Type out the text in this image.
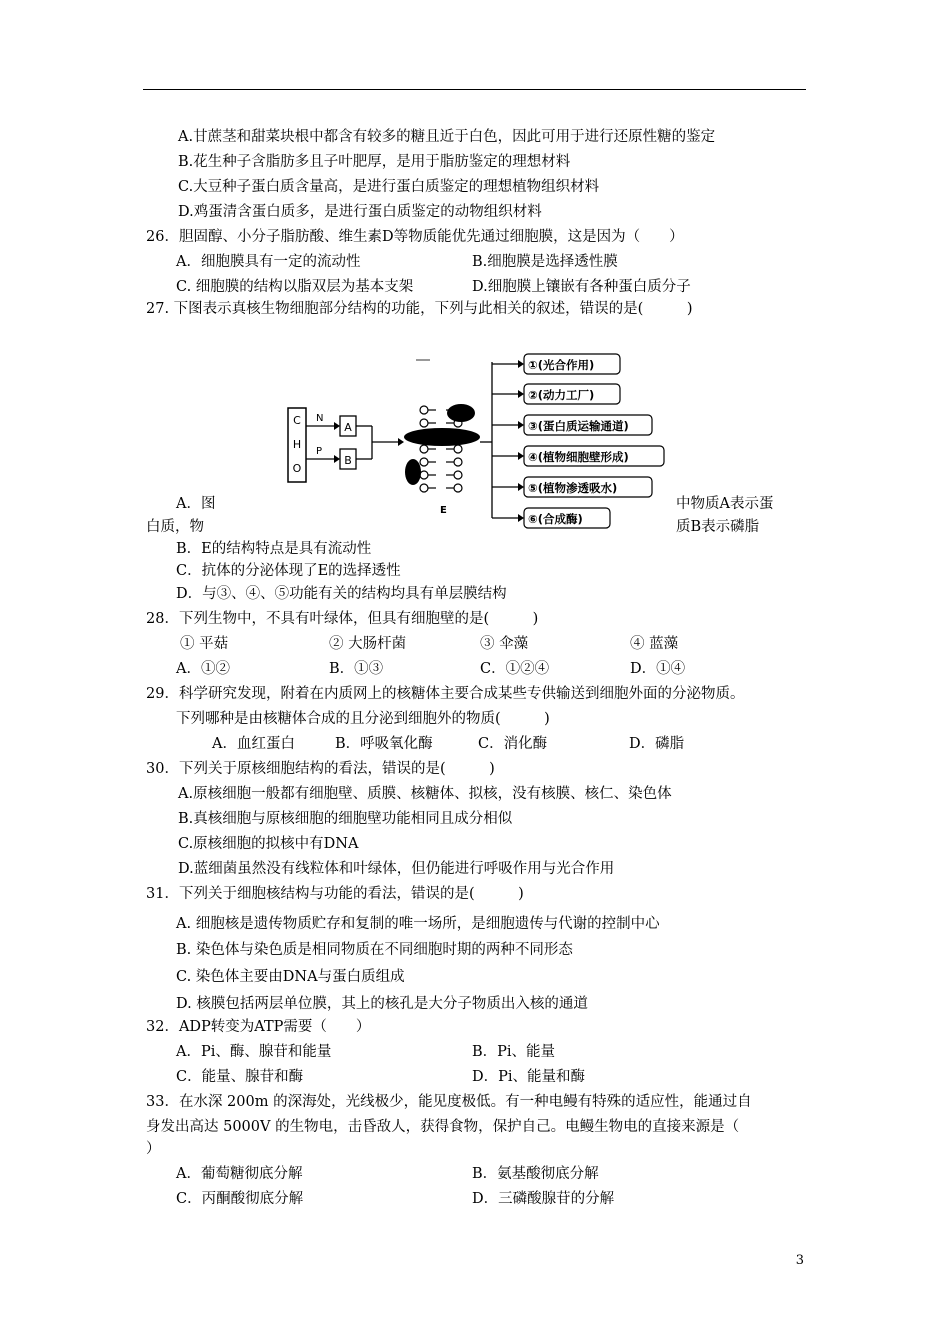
A.甘蔗茎和甜菜块根中都含有较多的糖且近于白色，因此可用于进行还原性糖的鉴定
B.花生种子含脂肪多且子叶肥厚，是用于脂肪鉴定的理想材料
C.大豆种子蛋白质含量高，是进行蛋白质鉴定的理想植物组织材料
D.鸡蛋清含蛋白质多，是进行蛋白质鉴定的动物组织材料
26．胆固醇、小分子脂肪酸、维生素D等物质能优先通过细胞膜，这是因为（　　）
A．细胞膜具有一定的流动性	B.细胞膜是选择透性膜
C. 细胞膜的结构以脂双层为基本支架	D.细胞膜上镶嵌有各种蛋白质分子
27. 下图表示真核生物细胞部分结构的功能，下列与此相关的叙述，错误的是(　　　)
A．图	中物质A表示蛋
白质，物	质B表示磷脂
B．E的结构特点是具有流动性
C．抗体的分泌体现了E的选择透性
D．与③、④、⑤功能有关的结构均具有单层膜结构
28．下列生物中，不具有叶绿体，但具有细胞壁的是(　　　)
① 平菇	② 大肠杆菌	③ 伞藻	④ 蓝藻
A．①②	B．①③	C．①②④	D．①④
29．科学研究发现，附着在内质网上的核糖体主要合成某些专供输送到细胞外面的分泌物质。
下列哪种是由核糖体合成的且分泌到细胞外的物质(　　　)
A．血红蛋白	B．呼吸氧化酶	C．消化酶	D．磷脂
30．下列关于原核细胞结构的看法，错误的是(　　　)
A.原核细胞一般都有细胞壁、质膜、核糖体、拟核，没有核膜、核仁、染色体
B.真核细胞与原核细胞的细胞壁功能相同且成分相似
C.原核细胞的拟核中有DNA
D.蓝细菌虽然没有线粒体和叶绿体，但仍能进行呼吸作用与光合作用
31．下列关于细胞核结构与功能的看法，错误的是(　　　)
A. 细胞核是遗传物质贮存和复制的唯一场所，是细胞遗传与代谢的控制中心
B. 染色体与染色质是相同物质在不同细胞时期的两种不同形态
C. 染色体主要由DNA与蛋白质组成
D. 核膜包括两层单位膜，其上的核孔是大分子物质出入核的通道
32．ADP转变为ATP需要（　　）
A．Pi、酶、腺苷和能量	B．Pi、能量
C．能量、腺苷和酶	D．Pi、能量和酶
33．在水深 200m 的深海处，光线极少，能见度极低。有一种电鳗有特殊的适应性，能通过自
身发出高达 5000V 的生物电，击昏敌人，获得食物，保护自己。电鳗生物电的直接来源是（
）
A．葡萄糖彻底分解	B．氨基酸彻底分解
C．丙酮酸彻底分解	D．三磷酸腺苷的分解
C
H
O
N
P
A
B
E
①(光合作用)
②(动力工厂)
③(蛋白质运输通道)
④(植物细胞壁形成)
⑤(植物渗透吸水)
⑥(合成酶)
3
